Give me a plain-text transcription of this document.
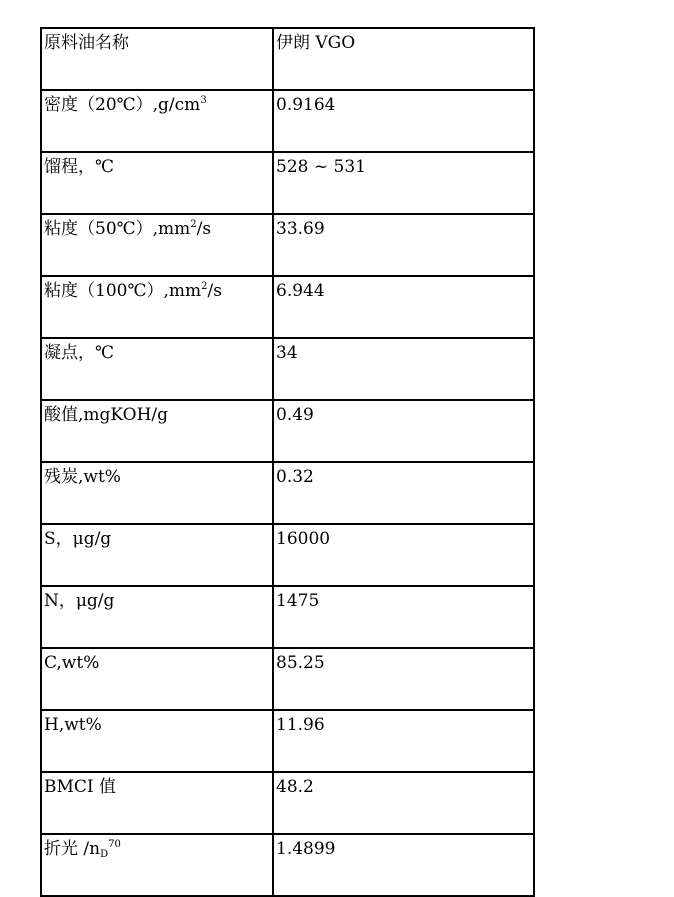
原料油名称	伊朗 VGO
密度$(20℃),g/cm^3$	0.9164
馏程，℃	528 ~ 531
粘度$(50℃),mm^2/s$	33.69
粘度$(100℃),mm^2/s$	6.944
凝点，℃	34
酸值,mgKOH/g	0.49
残炭,wt%	0.32
S，μg/g	16000
N，μg/g	1475
C,wt%	85.25
H,wt%	11.96
BMCI 值	48.2
折光 $/n_D^{70}$	1.4899
